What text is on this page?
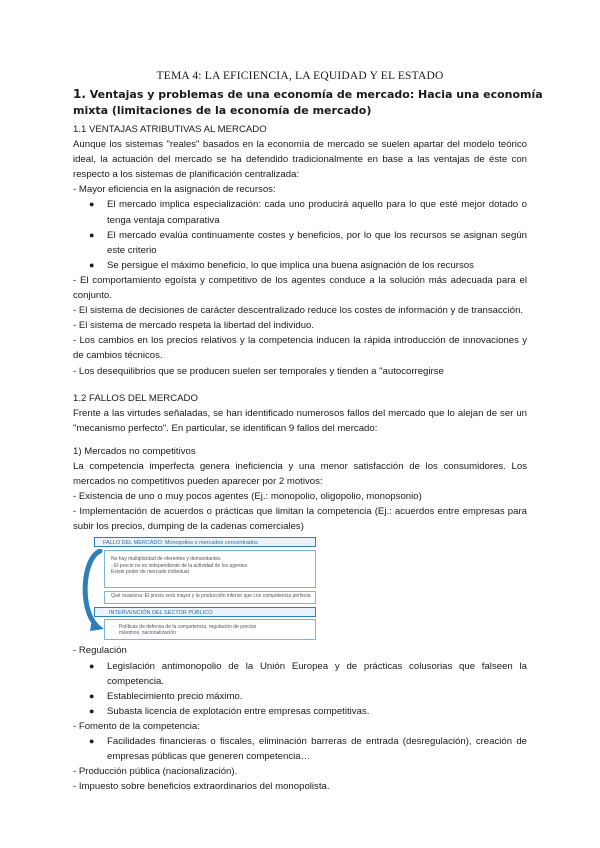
TEMA 4: LA EFICIENCIA, LA EQUIDAD Y EL ESTADO
1. Ventajas y problemas de una economía de mercado: Hacia una economía mixta (limitaciones de la economía de mercado)

1.1 VENTAJAS ATRIBUTIVAS AL MERCADO

Aunque los sistemas "reales" basados en la economía de mercado se suelen apartar del modelo teórico ideal, la actuación del mercado se ha defendido tradicionalmente en base a las ventajas de éste con respecto a los sistemas de planificación centralizada:

- Mayor eficiencia en la asignación de recursos:

● El mercado implica especialización: cada uno producirá aquello para lo que esté mejor dotado o tenga ventaja comparativa
● El mercado evalúa continuamente costes y beneficios, por lo que los recursos se asignan según este criterio
● Se persigue el máximo beneficio, lo que implica una buena asignación de los recursos

- El comportamiento egoísta y competitivo de los agentes conduce a la solución más adecuada para el conjunto.

- El sistema de decisiones de carácter descentralizado reduce los costes de información y de transacción.

- El sistema de mercado respeta la libertad del individuo.

- Los cambios en los precios relativos y la competencia inducen la rápida introducción de innovaciones y de cambios técnicos.

- Los desequilibrios que se producen suelen ser temporales y tienden a "autocorregirse

1.2 FALLOS DEL MERCADO

Frente a las virtudes señaladas, se han identificado numerosos fallos del mercado que lo alejan de ser un "mecanismo perfecto". En particular, se identifican 9 fallos del mercado:

1) Mercados no competitivos

La competencia imperfecta genera ineficiencia y una menor satisfacción de los consumidores. Los mercados no competitivos pueden aparecer por 2 motivos:

- Existencia de uno o muy pocos agentes (Ej.: monopolio, oligopolio, monopsonio)

- Implementación de acuerdos o prácticas que limitan la competencia (Ej.: acuerdos entre empresas para subir los precios, dumping de la cadenas comerciales)

FALLO DEL MERCADO: Monopolios o mercados concentrados
No hay multiplicidad de oferentes y demandantes
- El precio no es independiente de la actividad de los agentes
Existe poder de mercado individual
Qué ocasiona: El precio será mayor y la producción inferior que con competencia perfecta
INTERVENCIÓN DEL SECTOR PÚBLICO
Políticas de defensa de la competencia, regulación de precios
máximos, nacionalización

- Regulación

● Legislación antimonopolio de la Unión Europea y de prácticas colusorias que falseen la competencia.
● Establecimiento precio máximo.
● Subasta licencia de explotación entre empresas competitivas.

- Fomento de la competencia:

● Facilidades financieras o fiscales, eliminación barreras de entrada (desregulación), creación de empresas públicas que generen competencia…

- Producción pública (nacionalización).

- Impuesto sobre beneficios extraordinarios del monopolista.
